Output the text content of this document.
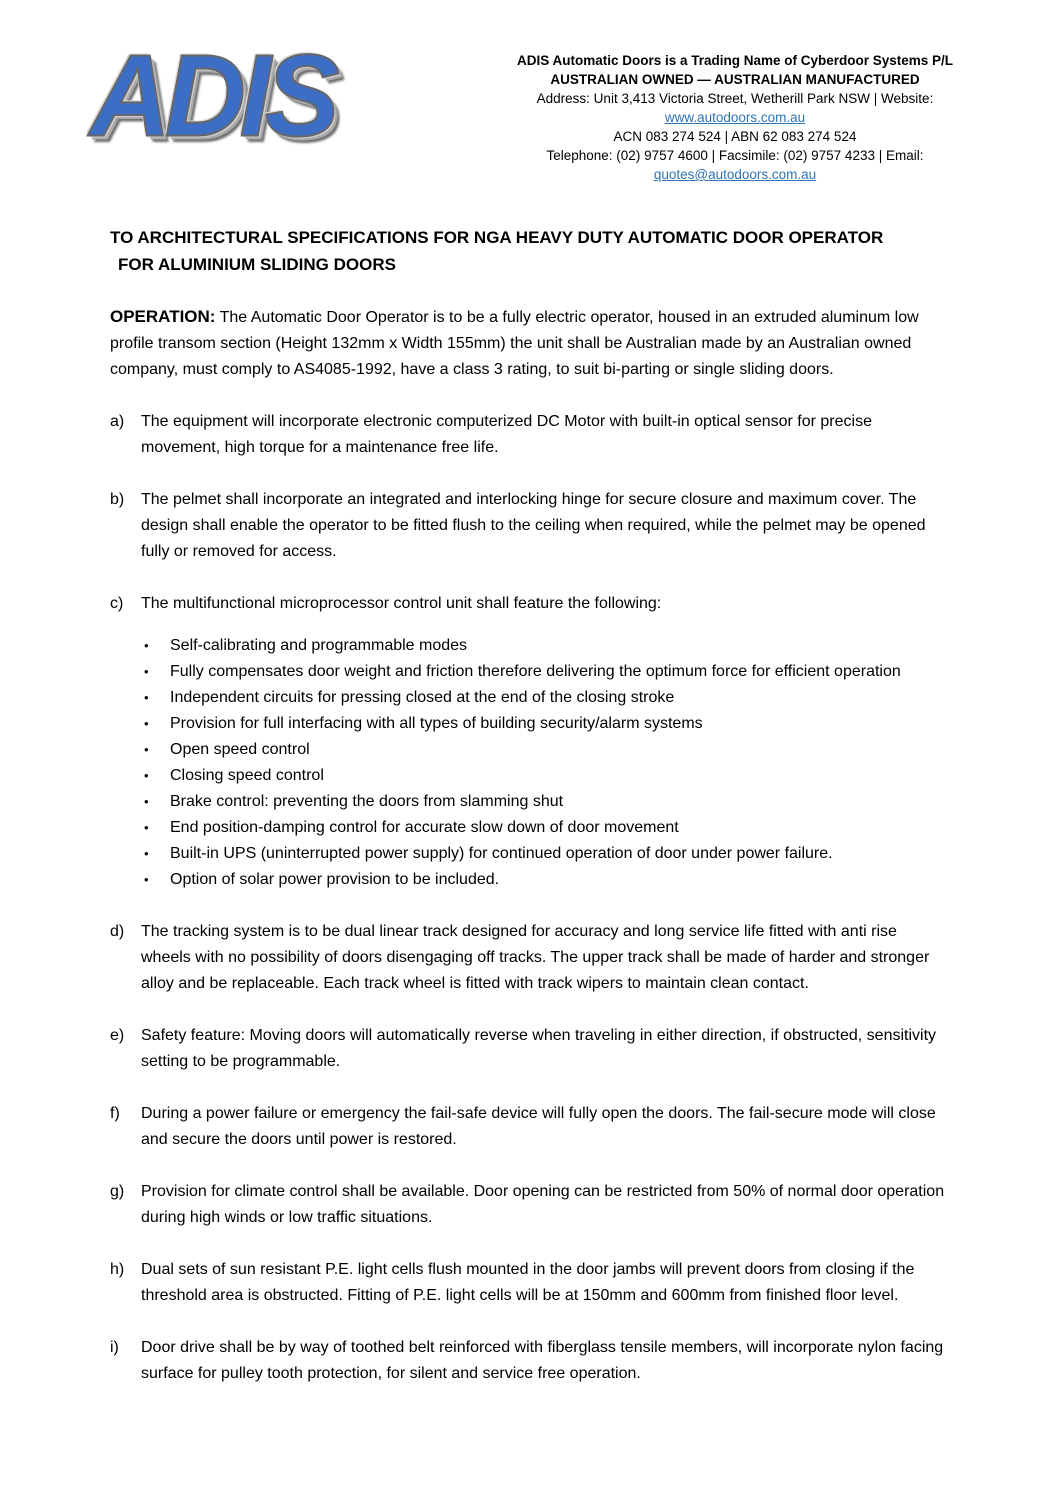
ADIS	ADIS Automatic Doors is a Trading Name of Cyberdoor Systems P/L
AUSTRALIAN OWNED — AUSTRALIAN MANUFACTURED
Address: Unit 3,413 Victoria Street, Wetherill Park NSW | Website: www.autodoors.com.au
ACN 083 274 524 | ABN 62 083 274 524
Telephone: (02) 9757 4600 | Facsimile: (02) 9757 4233 | Email: quotes@autodoors.com.au
TO ARCHITECTURAL SPECIFICATIONS FOR NGA HEAVY DUTY AUTOMATIC DOOR OPERATOR
FOR ALUMINIUM SLIDING DOORS

OPERATION: The Automatic Door Operator is to be a fully electric operator, housed in an extruded aluminum low profile transom section (Height 132mm x Width 155mm) the unit shall be Australian made by an Australian owned company, must comply to AS4085-1992, have a class 3 rating, to suit bi-parting or single sliding doors.

a)	The equipment will incorporate electronic computerized DC Motor with built-in optical sensor for precise movement, high torque for a maintenance free life.
b)	The pelmet shall incorporate an integrated and interlocking hinge for secure closure and maximum cover. The design shall enable the operator to be fitted flush to the ceiling when required, while the pelmet may be opened fully or removed for access.
c)	The multifunctional microprocessor control unit shall feature the following:
•	Self-calibrating and programmable modes
•	Fully compensates door weight and friction therefore delivering the optimum force for efficient operation
•	Independent circuits for pressing closed at the end of the closing stroke
•	Provision for full interfacing with all types of building security/alarm systems
•	Open speed control
•	Closing speed control
•	Brake control: preventing the doors from slamming shut
•	End position-damping control for accurate slow down of door movement
•	Built-in UPS (uninterrupted power supply) for continued operation of door under power failure.
•	Option of solar power provision to be included.
d)	The tracking system is to be dual linear track designed for accuracy and long service life fitted with anti rise wheels with no possibility of doors disengaging off tracks. The upper track shall be made of harder and stronger alloy and be replaceable. Each track wheel is fitted with track wipers to maintain clean contact.
e)	Safety feature: Moving doors will automatically reverse when traveling in either direction, if obstructed, sensitivity setting to be programmable.
f)	During a power failure or emergency the fail-safe device will fully open the doors. The fail-secure mode will close and secure the doors until power is restored.
g)	Provision for climate control shall be available. Door opening can be restricted from 50% of normal door operation during high winds or low traffic situations.
h)	Dual sets of sun resistant P.E. light cells flush mounted in the door jambs will prevent doors from closing if the threshold area is obstructed. Fitting of P.E. light cells will be at 150mm and 600mm from finished floor level.
i)	Door drive shall be by way of toothed belt reinforced with fiberglass tensile members, will incorporate nylon facing surface for pulley tooth protection, for silent and service free operation.
